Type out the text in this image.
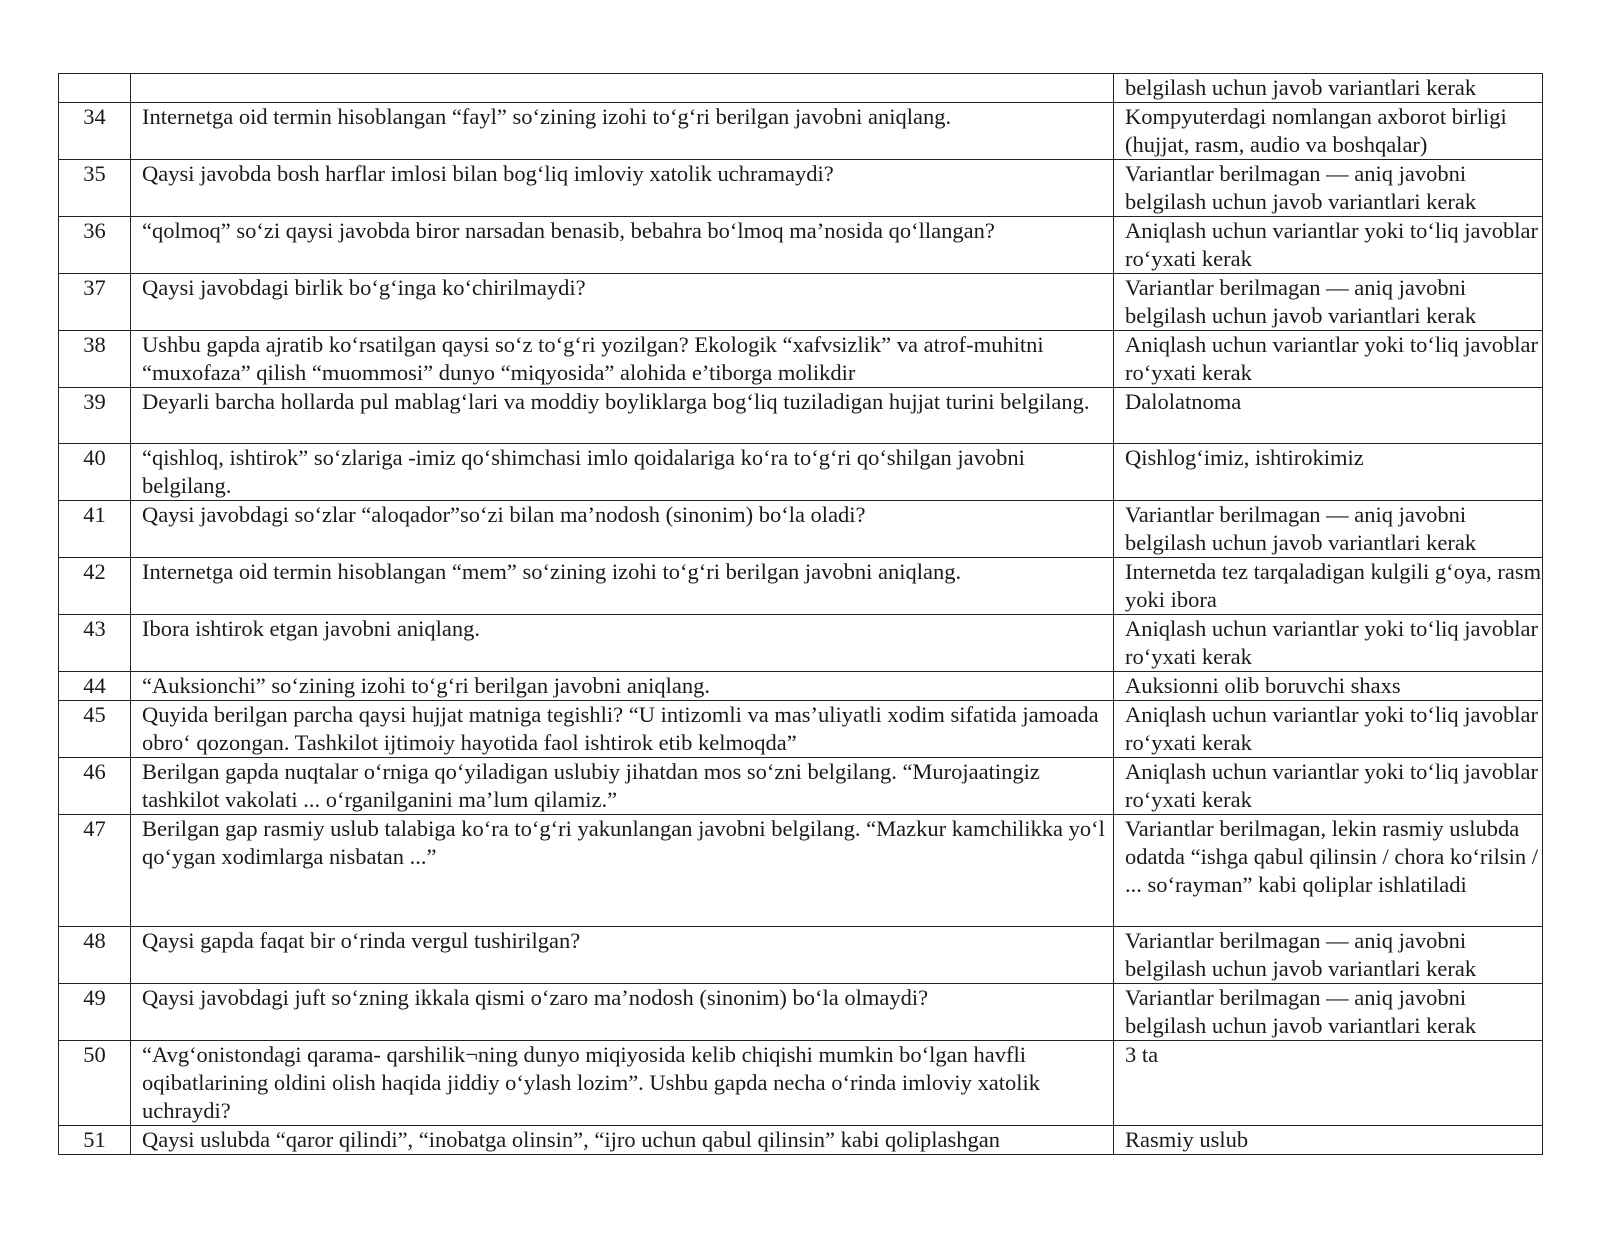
		belgilash uchun javob variantlari kerak
34	Internetga oid termin hisoblangan “fayl” so‘zining izohi to‘g‘ri berilgan javobni aniqlang.	Kompyuterdagi nomlangan axborot birligi (hujjat, rasm, audio va boshqalar)
35	Qaysi javobda bosh harflar imlosi bilan bog‘liq imloviy xatolik uchramaydi?	Variantlar berilmagan — aniq javobni belgilash uchun javob variantlari kerak
36	“qolmoq” so‘zi qaysi javobda biror narsadan benasib, bebahra bo‘lmoq ma’nosida qo‘llangan?	Aniqlash uchun variantlar yoki to‘liq javoblar ro‘yxati kerak
37	Qaysi javobdagi birlik bo‘g‘inga ko‘chirilmaydi?	Variantlar berilmagan — aniq javobni belgilash uchun javob variantlari kerak
38	Ushbu gapda ajratib ko‘rsatilgan qaysi so‘z to‘g‘ri yozilgan? Ekologik “xafvsizlik” va atrof-muhitni “muxofaza” qilish “muommosi” dunyo “miqyosida” alohida e’tiborga molikdir	Aniqlash uchun variantlar yoki to‘liq javoblar ro‘yxati kerak
39	Deyarli barcha hollarda pul mablag‘lari va moddiy boyliklarga bog‘liq tuziladigan hujjat turini belgilang.	Dalolatnoma
40	“qishloq, ishtirok” so‘zlariga -imiz qo‘shimchasi imlo qoidalariga ko‘ra to‘g‘ri qo‘shilgan javobni belgilang.	Qishlog‘imiz, ishtirokimiz
41	Qaysi javobdagi so‘zlar “aloqador”so‘zi bilan ma’nodosh (sinonim) bo‘la oladi?	Variantlar berilmagan — aniq javobni belgilash uchun javob variantlari kerak
42	Internetga oid termin hisoblangan “mem” so‘zining izohi to‘g‘ri berilgan javobni aniqlang.	Internetda tez tarqaladigan kulgili g‘oya, rasm yoki ibora
43	Ibora ishtirok etgan javobni aniqlang.	Aniqlash uchun variantlar yoki to‘liq javoblar ro‘yxati kerak
44	“Auksionchi” so‘zining izohi to‘g‘ri berilgan javobni aniqlang.	Auksionni olib boruvchi shaxs
45	Quyida berilgan parcha qaysi hujjat matniga tegishli? “U intizomli va mas’uliyatli xodim sifatida jamoada obro‘ qozongan. Tashkilot ijtimoiy hayotida faol ishtirok etib kelmoqda”	Aniqlash uchun variantlar yoki to‘liq javoblar ro‘yxati kerak
46	Berilgan gapda nuqtalar o‘rniga qo‘yiladigan uslubiy jihatdan mos so‘zni belgilang. “Murojaatingiz tashkilot vakolati ... o‘rganilganini ma’lum qilamiz.”	Aniqlash uchun variantlar yoki to‘liq javoblar ro‘yxati kerak
47	Berilgan gap rasmiy uslub talabiga ko‘ra to‘g‘ri yakunlangan javobni belgilang. “Mazkur kamchilikka yo‘l qo‘ygan xodimlarga nisbatan ...”	Variantlar berilmagan, lekin rasmiy uslubda odatda “ishga qabul qilinsin / chora ko‘rilsin / ... so‘rayman” kabi qoliplar ishlatiladi
48	Qaysi gapda faqat bir o‘rinda vergul tushirilgan?	Variantlar berilmagan — aniq javobni belgilash uchun javob variantlari kerak
49	Qaysi javobdagi juft so‘zning ikkala qismi o‘zaro ma’nodosh (sinonim) bo‘la olmaydi?	Variantlar berilmagan — aniq javobni belgilash uchun javob variantlari kerak
50	“Avg‘onistondagi qarama- qarshilik¬ning dunyo miqiyosida kelib chiqishi mumkin bo‘lgan havfli oqibatlarining oldini olish haqida jiddiy o‘ylash lozim”. Ushbu gapda necha o‘rinda imloviy xatolik uchraydi?	3 ta
51	Qaysi uslubda “qaror qilindi”, “inobatga olinsin”, “ijro uchun qabul qilinsin” kabi qoliplashgan	Rasmiy uslub
